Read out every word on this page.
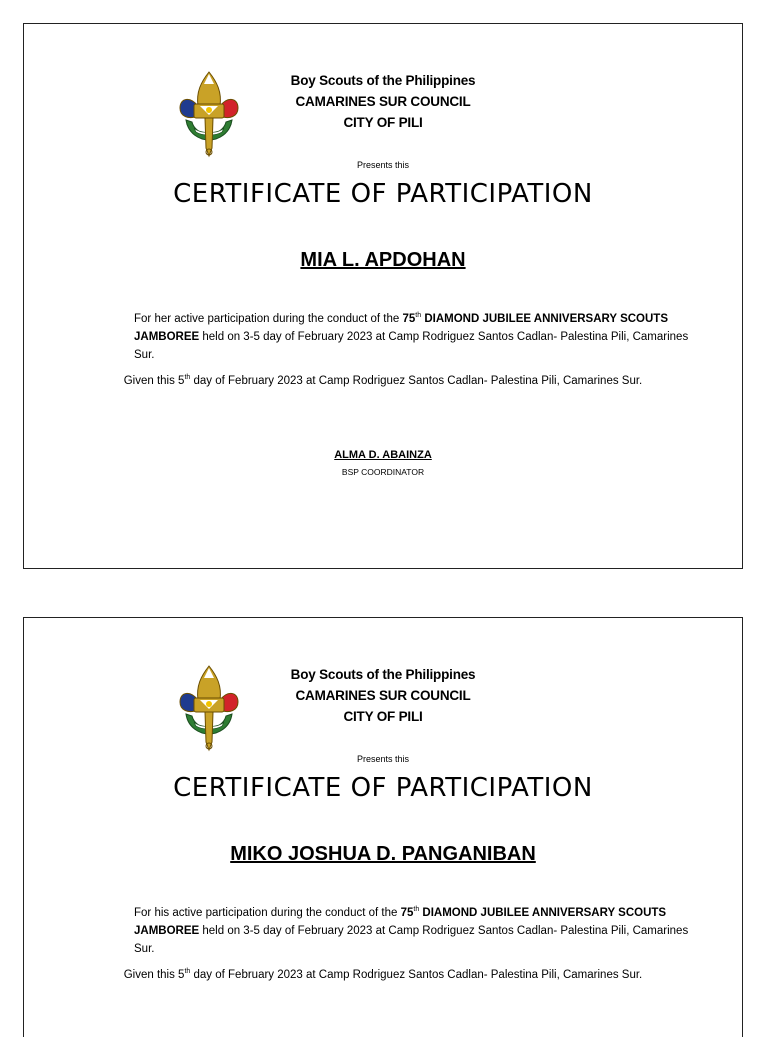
Boy Scouts of the Philippines
CAMARINES SUR COUNCIL
CITY OF PILI
Presents this
CERTIFICATE OF PARTICIPATION
MIA L. APDOHAN
For her active participation during the conduct of the 75th DIAMOND JUBILEE ANNIVERSARY SCOUTS JAMBOREE held on 3-5 day of February 2023 at Camp Rodriguez Santos Cadlan- Palestina Pili, Camarines Sur.
Given this 5th day of February 2023 at Camp Rodriguez Santos Cadlan- Palestina Pili, Camarines Sur.
ALMA D. ABAINZA
BSP COORDINATOR
Boy Scouts of the Philippines
CAMARINES SUR COUNCIL
CITY OF PILI
Presents this
CERTIFICATE OF PARTICIPATION
MIKO JOSHUA D. PANGANIBAN
For his active participation during the conduct of the 75th DIAMOND JUBILEE ANNIVERSARY SCOUTS JAMBOREE held on 3-5 day of February 2023 at Camp Rodriguez Santos Cadlan- Palestina Pili, Camarines Sur.
Given this 5th day of February 2023 at Camp Rodriguez Santos Cadlan- Palestina Pili, Camarines Sur.
